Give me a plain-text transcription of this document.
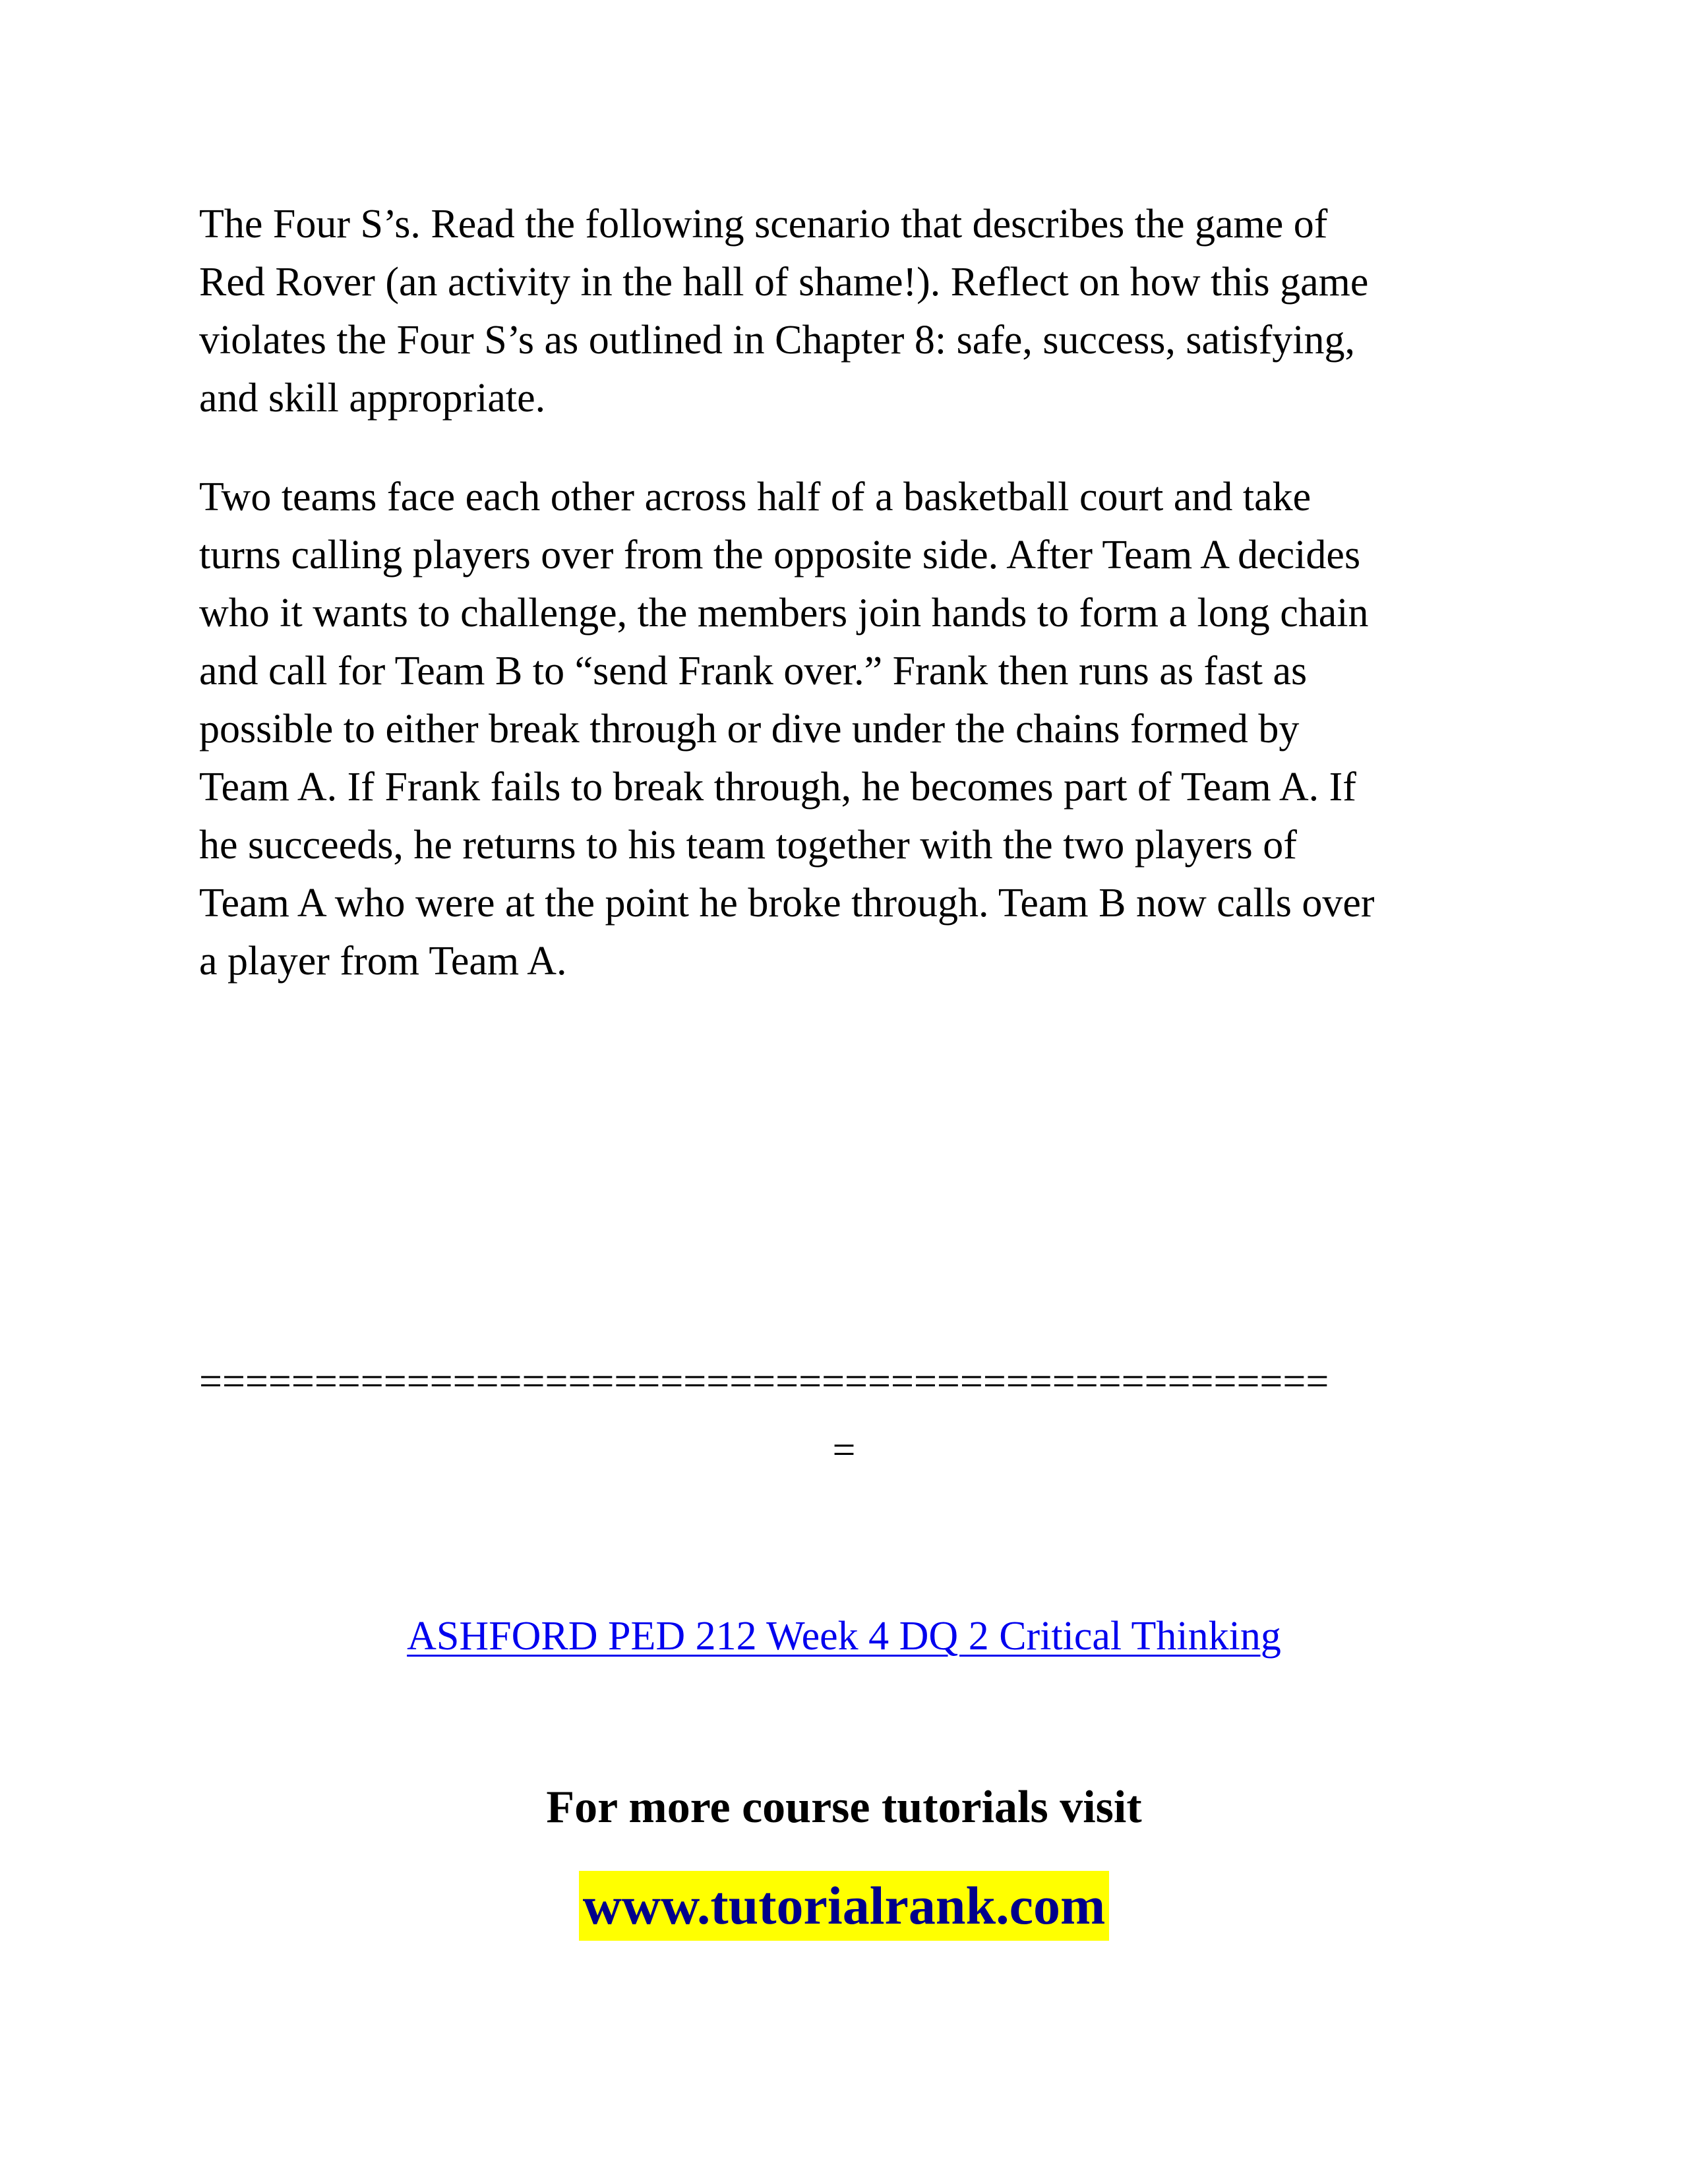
The Four S’s. Read the following scenario that describes the game of
Red Rover (an activity in the hall of shame!). Reflect on how this game
violates the Four S’s as outlined in Chapter 8: safe, success, satisfying,
and skill appropriate.

Two teams face each other across half of a basketball court and take
turns calling players over from the opposite side. After Team A decides
who it wants to challenge, the members join hands to form a long chain
and call for Team B to “send Frank over.” Frank then runs as fast as
possible to either break through or dive under the chains formed by
Team A. If Frank fails to break through, he becomes part of Team A. If
he succeeds, he returns to his team together with the two players of
Team A who were at the point he broke through. Team B now calls over
a player from Team A.

=================================================
=
ASHFORD PED 212 Week 4 DQ 2 Critical Thinking
For more course tutorials visit
www.tutorialrank.com
